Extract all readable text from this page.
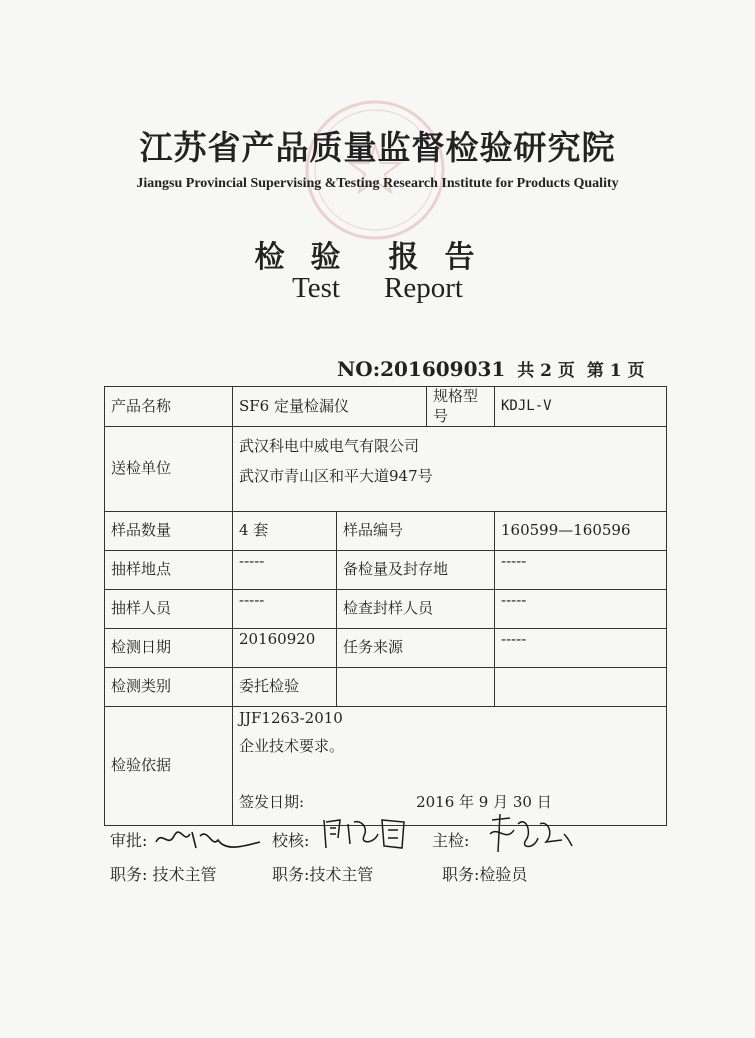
江苏省产品质量监督检验研究院
Jiangsu Provincial Supervising &Testing Research Institute for Products Quality
检验 报告
Test Report
NO:201609031 共 2 页 第 1 页
产品名称	SF6 定量检漏仪		规格型号	KDJL-V
送检单位	武汉科电中威电气有限公司
武汉市青山区和平大道947号			

样品数量	4 套	样品编号		160599—160596
抽样地点	-----	备检量及封存地		-----
抽样人员	-----	检查封样人员		-----
检测日期	20160920	任务来源		-----
检测类别	委托检验			
检验依据	JJF1263-2010
企业技术要求。
签发日期: 2016 年 9 月 30 日			
审批:	校核:	主检:
职务: 技术主管	职务:技术主管	职务:检验员
